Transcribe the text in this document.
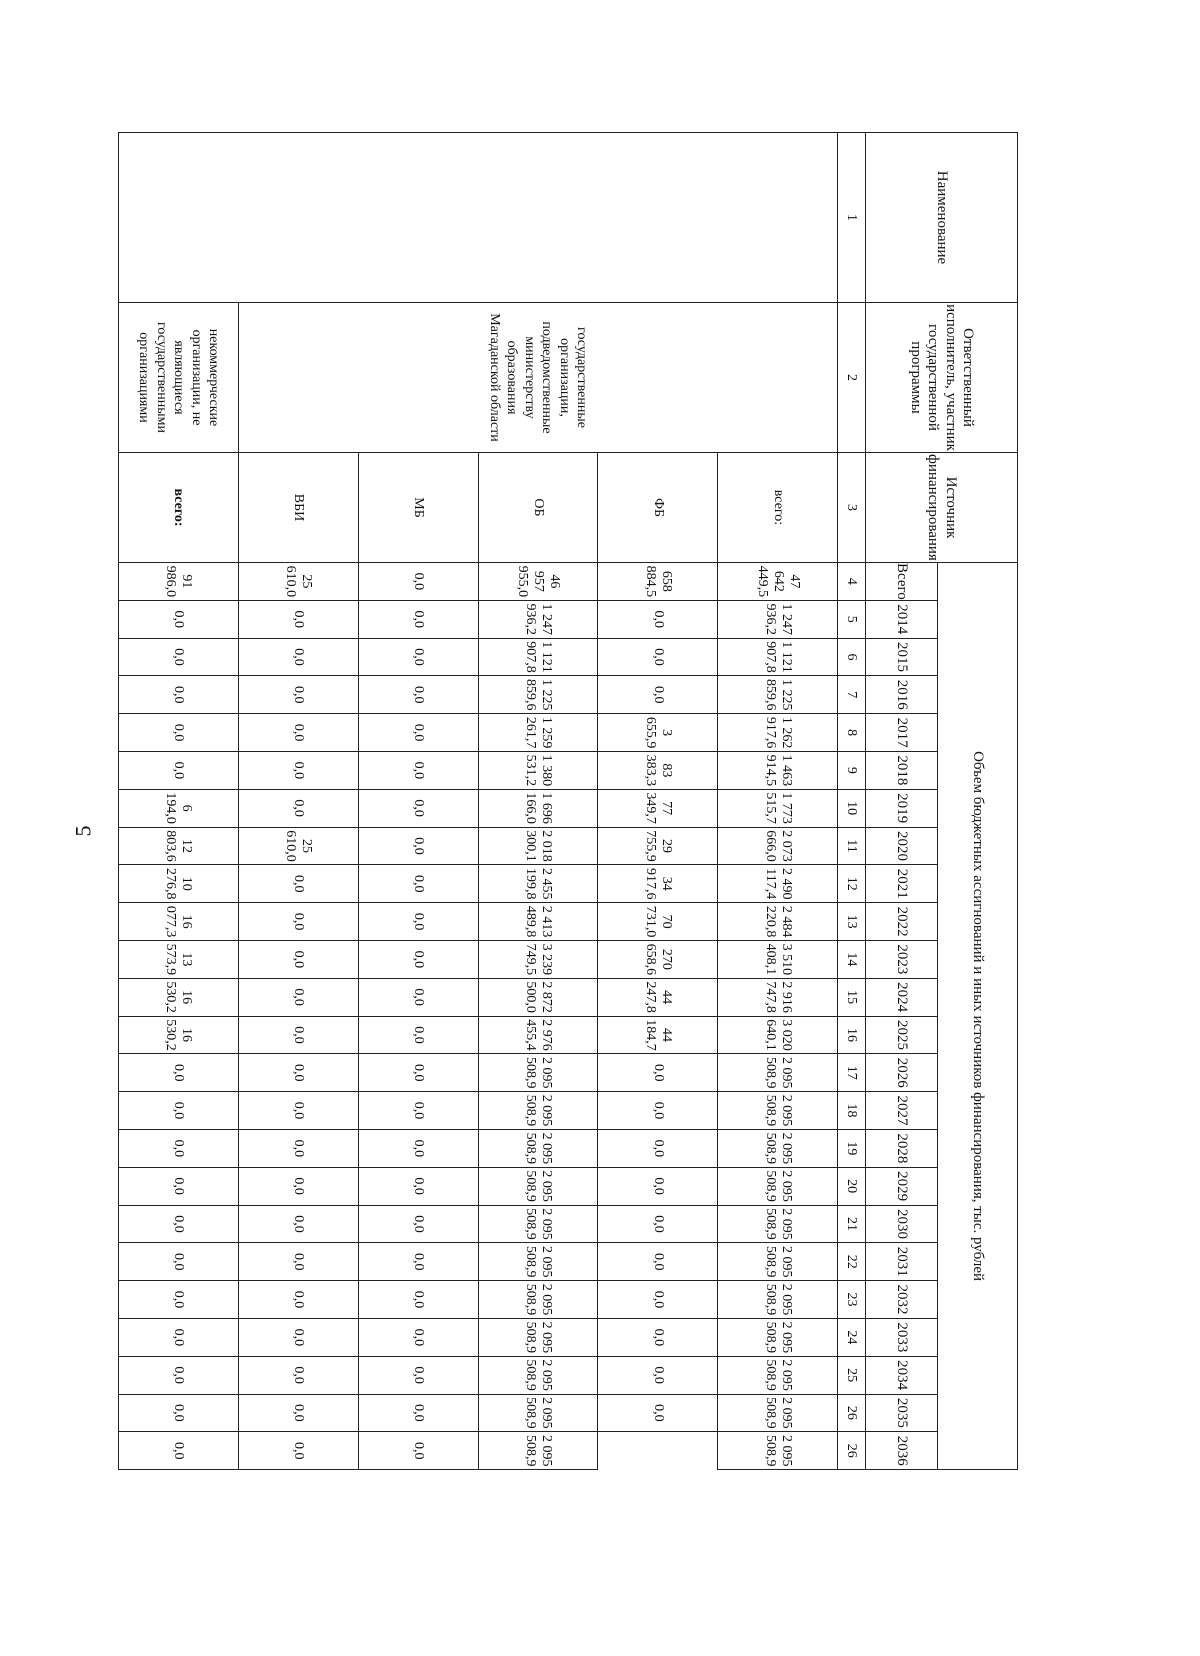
5
Наименование	Ответственный исполнитель, участник государственной программы	Источник финансирования	Объем бюджетных ассигнований и иных источников финансирования, тыс. рублей																							
			Всего	2014	2015	2016	2017	2018	2019	2020	2021	2022	2023	2024	2025	2026	2027	2028	2029	2030	2031	2032	2033	2034	2035	2036
1	2	3	4	5	6	7	8	9	10	11	12	13	14	15	16	17	18	19	20	21	22	23	24	25	26	26
	государственные организации, подведомственные министерству образования Магаданской области	всего:	47 642 449,5	1 247 936,2	1 121 907,8	1 225 859,6	1 262 917,6	1 463 914,5	1 773 515,7	2 073 666,0	2 490 117,4	2 484 220,8	3 510 408,1	2 916 747,8	3 020 640,1	2 095 508,9	2 095 508,9	2 095 508,9	2 095 508,9	2 095 508,9	2 095 508,9	2 095 508,9	2 095 508,9	2 095 508,9	2 095 508,9	2 095 508,9
		ФБ	658 884,5	0,0	0,0	0,0	3 655,9	83 383,3	77 349,7	29 755,9	34 917,6	70 731,0	270 658,6	44 247,8	44 184,7	0,0	0,0	0,0	0,0	0,0	0,0	0,0	0,0	0,0	0,0	
		ОБ	46 957 955,0	1 247 936,2	1 121 907,8	1 225 859,6	1 259 261,7	1 380 531,2	1 696 166,0	2 018 300,1	2 455 199,8	2 413 489,8	3 239 749,5	2 872 500,0	2 976 455,4	2 095 508,9	2 095 508,9	2 095 508,9	2 095 508,9	2 095 508,9	2 095 508,9	2 095 508,9	2 095 508,9	2 095 508,9	2 095 508,9	2 095 508,9
		МБ	0,0	0,0	0,0	0,0	0,0	0,0	0,0	0,0	0,0	0,0	0,0	0,0	0,0	0,0	0,0	0,0	0,0	0,0	0,0	0,0	0,0	0,0	0,0	0,0
		ВБИ	25 610,0	0,0	0,0	0,0	0,0	0,0	0,0	25 610,0	0,0	0,0	0,0	0,0	0,0	0,0	0,0	0,0	0,0	0,0	0,0	0,0	0,0	0,0	0,0	0,0
	некоммерческие организации, не являющиеся государственными организациями	всего:	91 986,0	0,0	0,0	0,0	0,0	0,0	6 194,0	12 803,6	10 276,8	16 077,3	13 573,9	16 530,2	16 530,2	0,0	0,0	0,0	0,0	0,0	0,0	0,0	0,0	0,0	0,0	0,0
